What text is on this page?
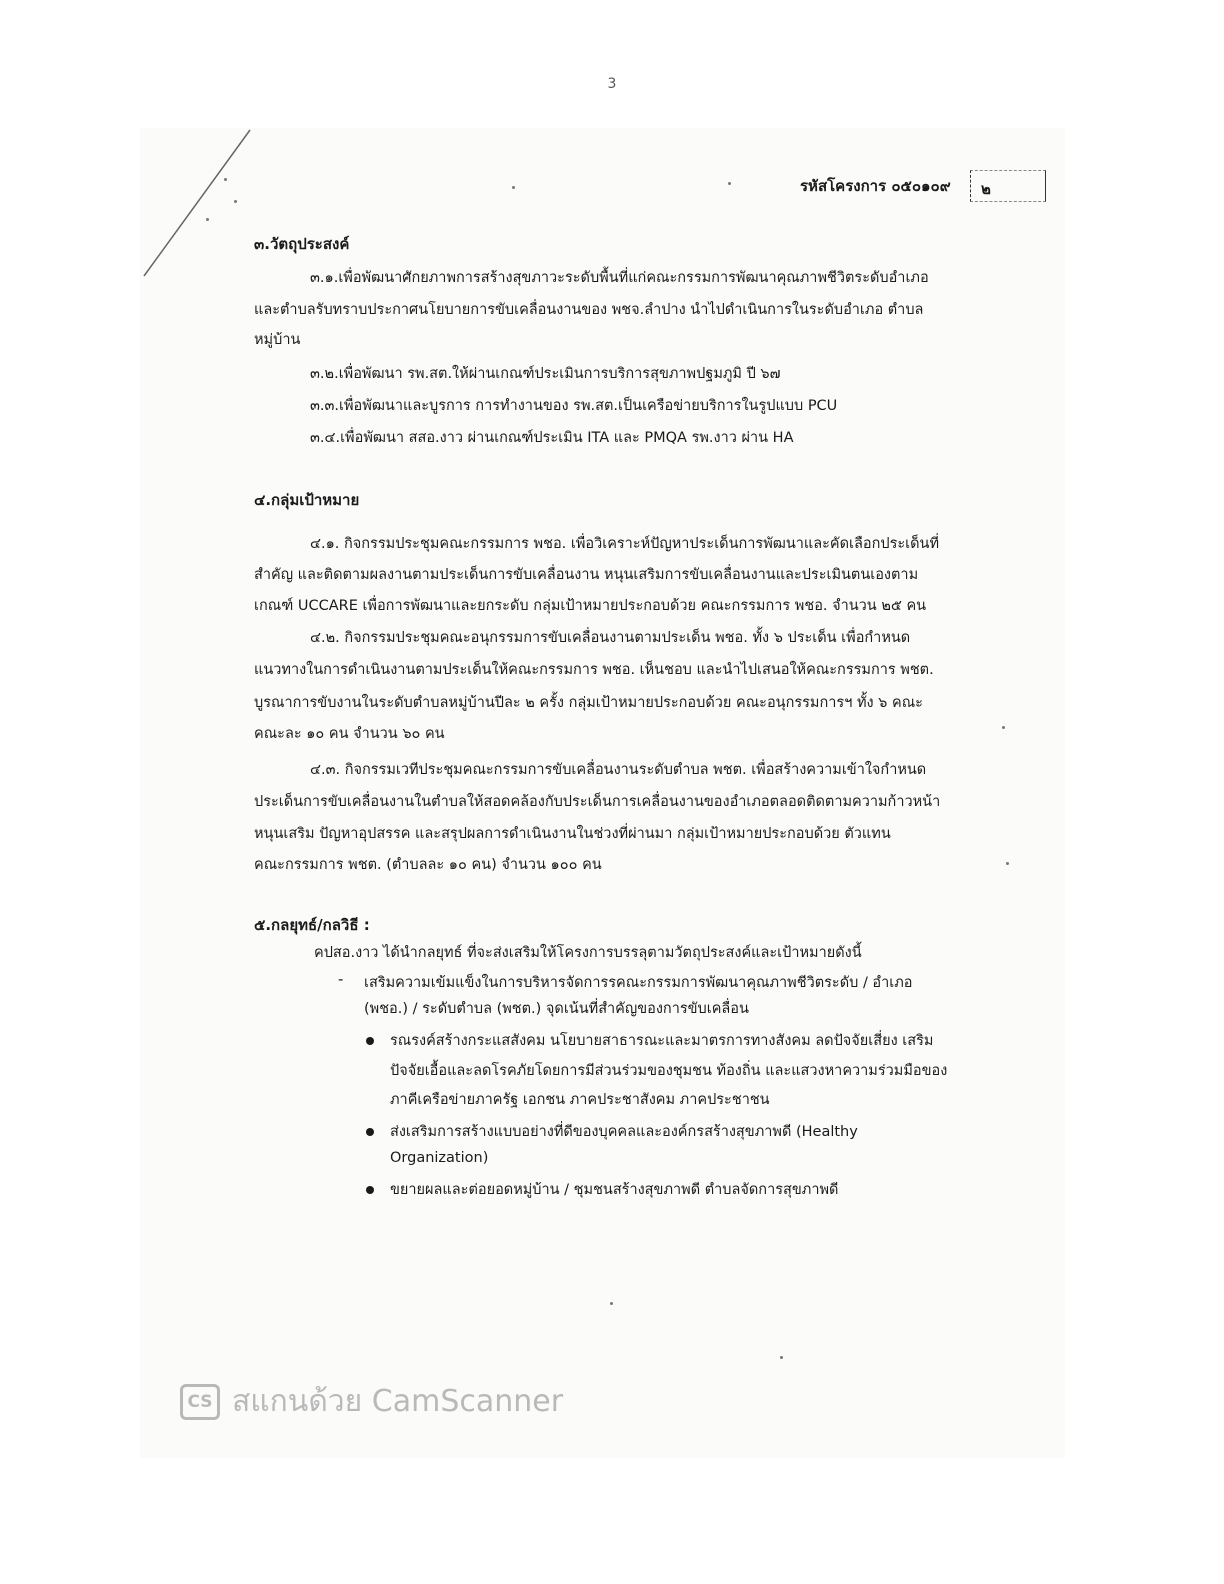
3
รหัสโครงการ ๐๕๐๑๐๙	๒
๓.วัตถุประสงค์
๓.๑.เพื่อพัฒนาศักยภาพการสร้างสุขภาวะระดับพื้นที่แก่คณะกรรมการพัฒนาคุณภาพชีวิตระดับอำเภอ
และตำบลรับทราบประกาศนโยบายการขับเคลื่อนงานของ พชจ.ลำปาง นำไปดำเนินการในระดับอำเภอ ตำบล
หมู่บ้าน
๓.๒.เพื่อพัฒนา รพ.สต.ให้ผ่านเกณฑ์ประเมินการบริการสุขภาพปฐมภูมิ ปี ๖๗
๓.๓.เพื่อพัฒนาและบูรการ การทำงานของ รพ.สต.เป็นเครือข่ายบริการในรูปแบบ PCU
๓.๔.เพื่อพัฒนา สสอ.งาว ผ่านเกณฑ์ประเมิน ITA และ PMQA รพ.งาว ผ่าน HA
๔.กลุ่มเป้าหมาย
๔.๑. กิจกรรมประชุมคณะกรรมการ พชอ. เพื่อวิเคราะห์ปัญหาประเด็นการพัฒนาและคัดเลือกประเด็นที่
สำคัญ และติดตามผลงานตามประเด็นการขับเคลื่อนงาน หนุนเสริมการขับเคลื่อนงานและประเมินตนเองตาม
เกณฑ์ UCCARE เพื่อการพัฒนาและยกระดับ กลุ่มเป้าหมายประกอบด้วย คณะกรรมการ พชอ. จำนวน ๒๕ คน
๔.๒. กิจกรรมประชุมคณะอนุกรรมการขับเคลื่อนงานตามประเด็น พชอ. ทั้ง ๖ ประเด็น เพื่อกำหนด
แนวทางในการดำเนินงานตามประเด็นให้คณะกรรมการ พชอ. เห็นชอบ และนำไปเสนอให้คณะกรรมการ พชต.
บูรณาการขับงานในระดับตำบลหมู่บ้านปีละ ๒ ครั้ง กลุ่มเป้าหมายประกอบด้วย คณะอนุกรรมการฯ ทั้ง ๖ คณะ
คณะละ ๑๐ คน จำนวน ๖๐ คน
๔.๓. กิจกรรมเวทีประชุมคณะกรรมการขับเคลื่อนงานระดับตำบล พชต. เพื่อสร้างความเข้าใจกำหนด
ประเด็นการขับเคลื่อนงานในตำบลให้สอดคล้องกับประเด็นการเคลื่อนงานของอำเภอตลอดติดตามความก้าวหน้า
หนุนเสริม ปัญหาอุปสรรค และสรุปผลการดำเนินงานในช่วงที่ผ่านมา กลุ่มเป้าหมายประกอบด้วย ตัวแทน
คณะกรรมการ พชต. (ตำบลละ ๑๐ คน) จำนวน ๑๐๐ คน
๕.กลยุทธ์/กลวิธี :
คปสอ.งาว ได้นำกลยุทธ์ ที่จะส่งเสริมให้โครงการบรรลุตามวัตถุประสงค์และเป้าหมายดังนี้
- เสริมความเข้มแข็งในการบริหารจัดการรคณะกรรมการพัฒนาคุณภาพชีวิตระดับ / อำเภอ
(พชอ.) / ระดับตำบล (พชต.) จุดเน้นที่สำคัญของการขับเคลื่อน
รณรงค์สร้างกระแสสังคม นโยบายสาธารณะและมาตรการทางสังคม ลดปัจจัยเสี่ยง เสริม
ปัจจัยเอื้อและลดโรคภัยโดยการมีส่วนร่วมของชุมชน ท้องถิ่น และแสวงหาความร่วมมือของ
ภาคีเครือข่ายภาครัฐ เอกชน ภาคประชาสังคม ภาคประชาชน
ส่งเสริมการสร้างแบบอย่างที่ดีของบุคคลและองค์กรสร้างสุขภาพดี (Healthy
Organization)
ขยายผลและต่อยอดหมู่บ้าน / ชุมชนสร้างสุขภาพดี ตำบลจัดการสุขภาพดี
CS สแกนด้วย CamScanner
